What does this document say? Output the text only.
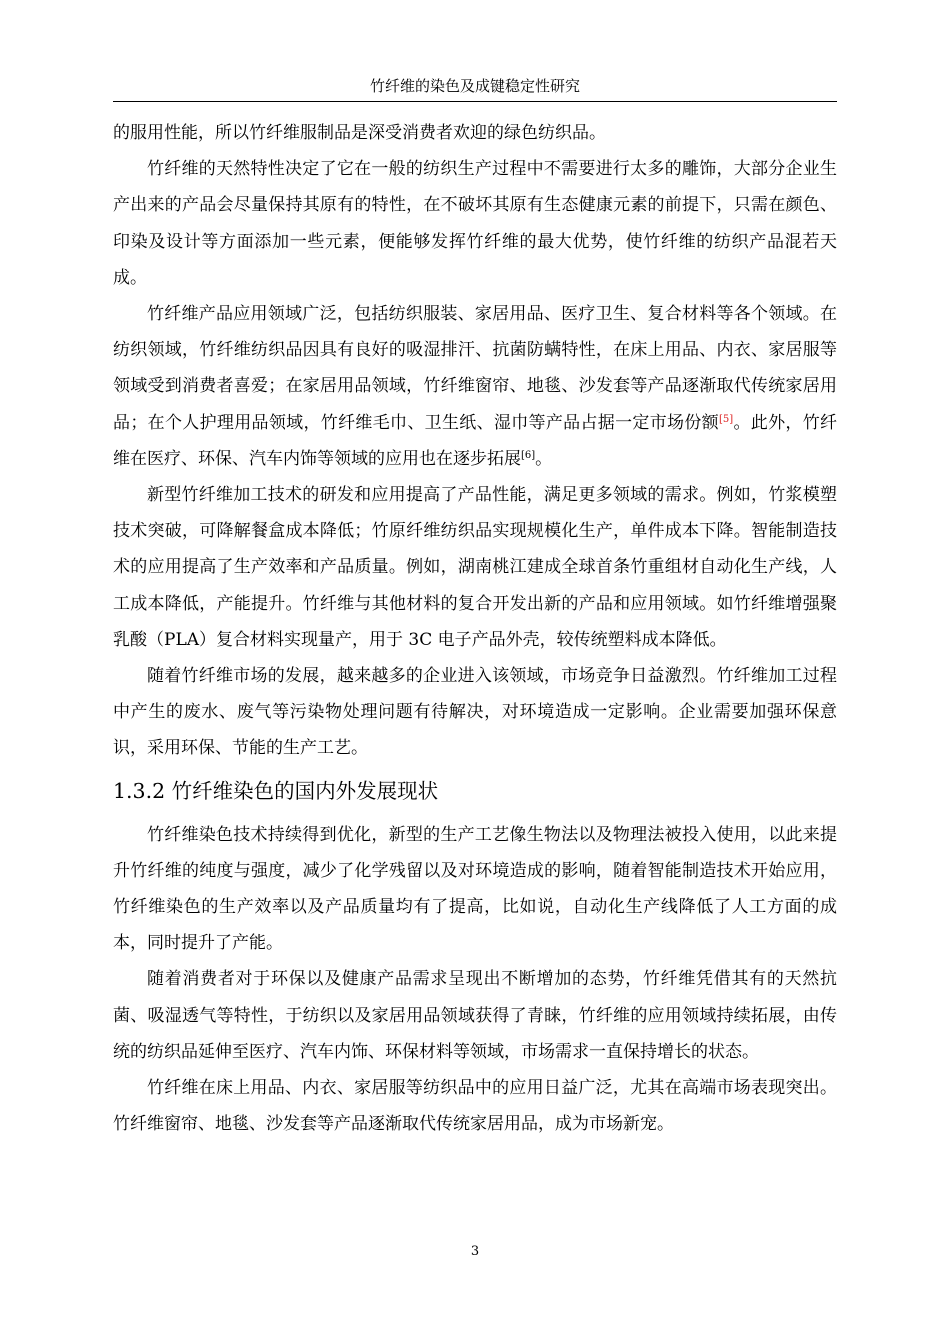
竹纤维的染色及成键稳定性研究

的服用性能，所以竹纤维服制品是深受消费者欢迎的绿色纺织品。

竹纤维的天然特性决定了它在一般的纺织生产过程中不需要进行太多的雕饰，大部分企业生产出来的产品会尽量保持其原有的特性，在不破坏其原有生态健康元素的前提下，只需在颜色、印染及设计等方面添加一些元素，便能够发挥竹纤维的最大优势，使竹纤维的纺织产品混若天成。

竹纤维产品应用领域广泛，包括纺织服装、家居用品、医疗卫生、复合材料等各个领域。在纺织领域，竹纤维纺织品因具有良好的吸湿排汗、抗菌防螨特性，在床上用品、内衣、家居服等领域受到消费者喜爱；在家居用品领域，竹纤维窗帘、地毯、沙发套等产品逐渐取代传统家居用品；在个人护理用品领域，竹纤维毛巾、卫生纸、湿巾等产品占据一定市场份额[5]。此外，竹纤维在医疗、环保、汽车内饰等领域的应用也在逐步拓展[6]。

新型竹纤维加工技术的研发和应用提高了产品性能，满足更多领域的需求。例如，竹浆模塑技术突破，可降解餐盒成本降低；竹原纤维纺织品实现规模化生产，单件成本下降。智能制造技术的应用提高了生产效率和产品质量。例如，湖南桃江建成全球首条竹重组材自动化生产线，人工成本降低，产能提升。竹纤维与其他材料的复合开发出新的产品和应用领域。如竹纤维增强聚乳酸（PLA）复合材料实现量产，用于 3C 电子产品外壳，较传统塑料成本降低。

随着竹纤维市场的发展，越来越多的企业进入该领域，市场竞争日益激烈。竹纤维加工过程中产生的废水、废气等污染物处理问题有待解决，对环境造成一定影响。企业需要加强环保意识，采用环保、节能的生产工艺。

1.3.2 竹纤维染色的国内外发展现状

竹纤维染色技术持续得到优化，新型的生产工艺像生物法以及物理法被投入使用，以此来提升竹纤维的纯度与强度，减少了化学残留以及对环境造成的影响，随着智能制造技术开始应用，竹纤维染色的生产效率以及产品质量均有了提高，比如说，自动化生产线降低了人工方面的成本，同时提升了产能。

随着消费者对于环保以及健康产品需求呈现出不断增加的态势，竹纤维凭借其有的天然抗菌、吸湿透气等特性，于纺织以及家居用品领域获得了青睐，竹纤维的应用领域持续拓展，由传统的纺织品延伸至医疗、汽车内饰、环保材料等领域，市场需求一直保持增长的状态。

竹纤维在床上用品、内衣、家居服等纺织品中的应用日益广泛，尤其在高端市场表现突出。竹纤维窗帘、地毯、沙发套等产品逐渐取代传统家居用品，成为市场新宠。

3
